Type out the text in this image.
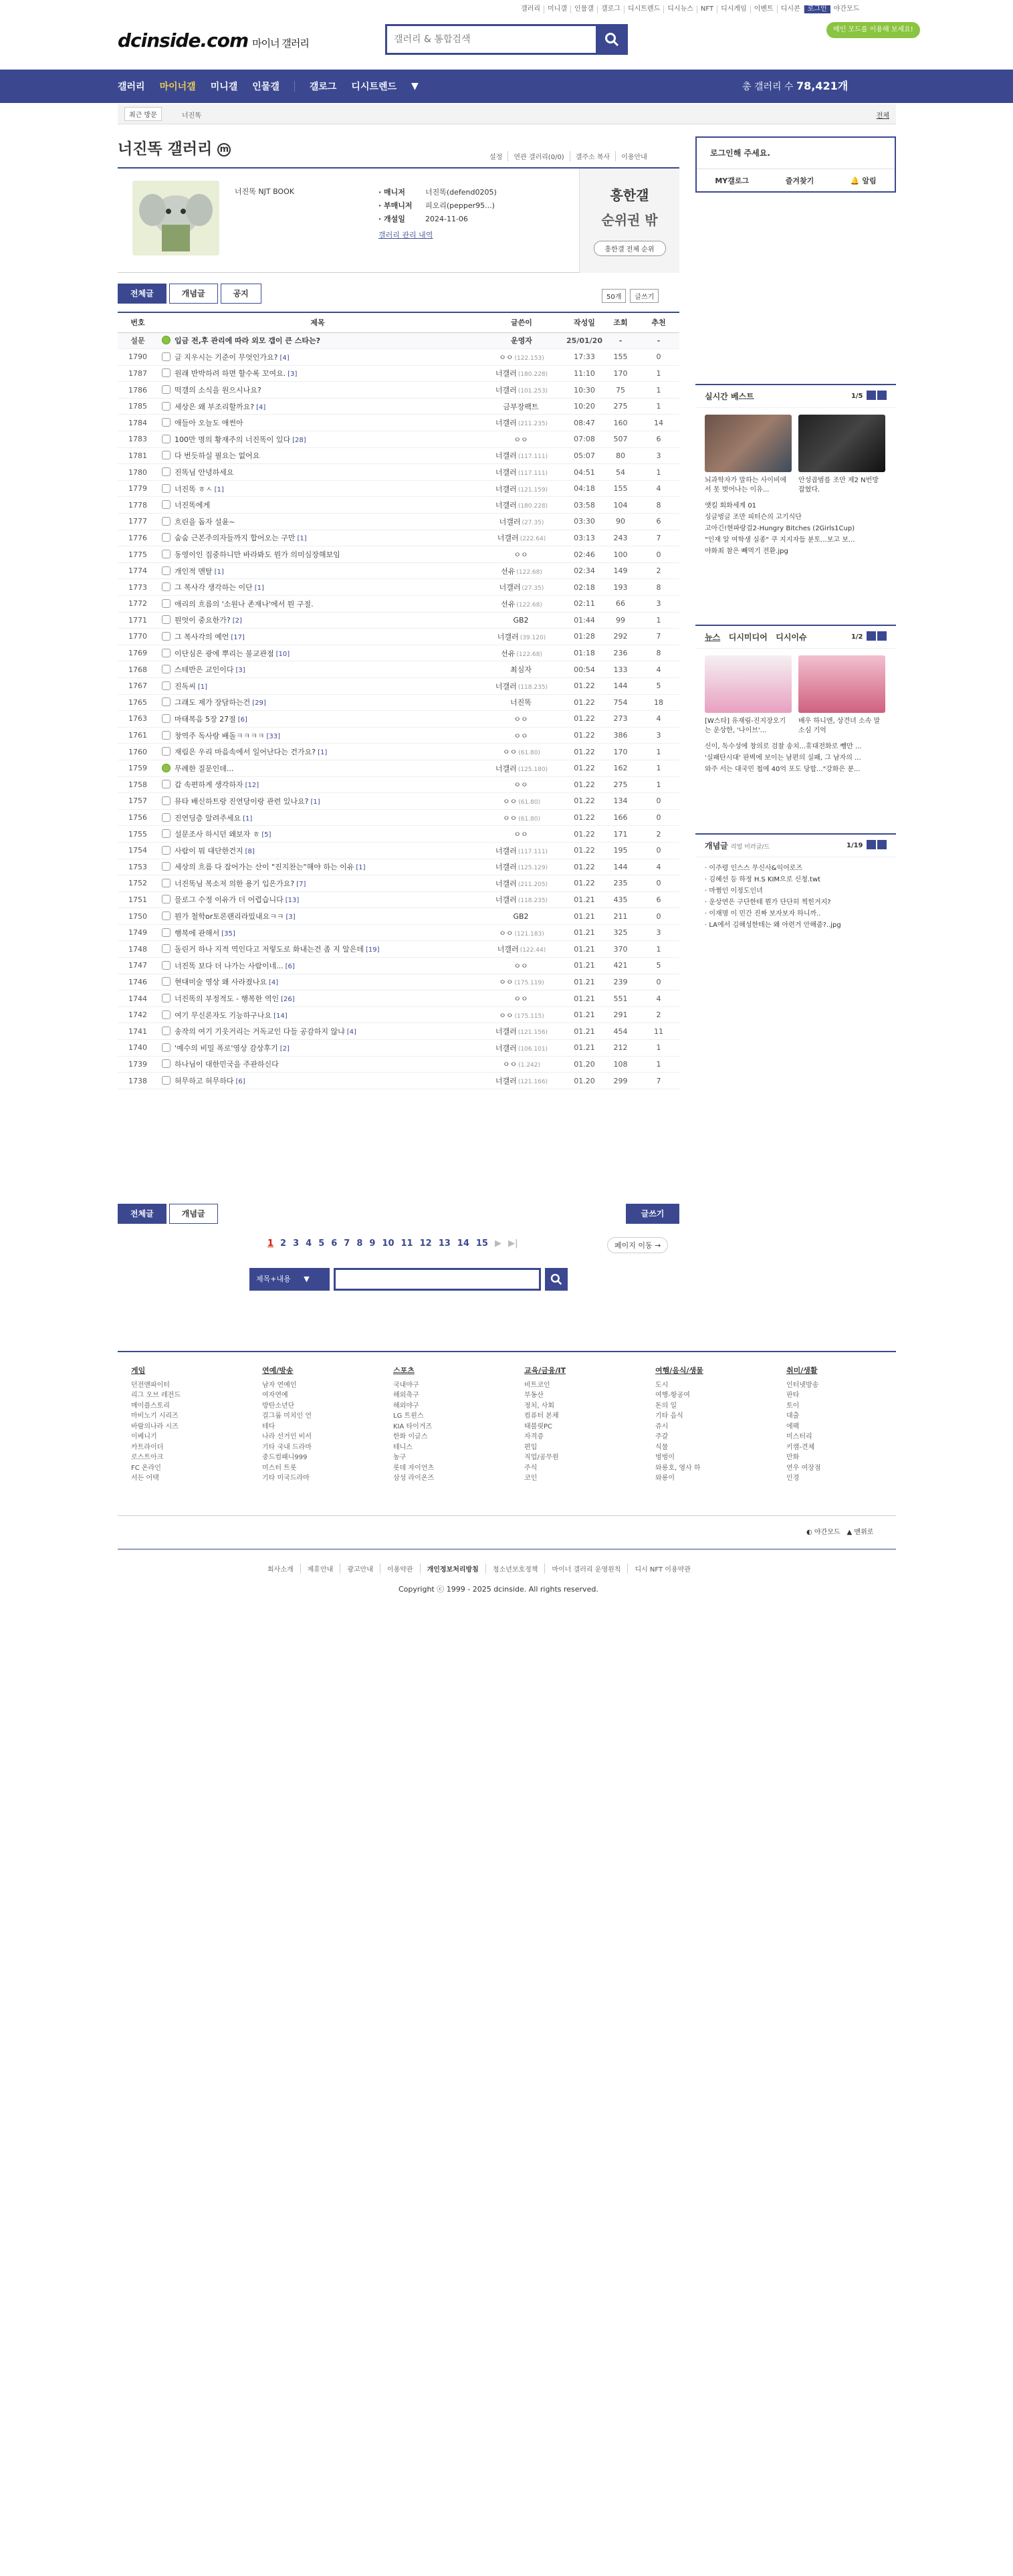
갤러리	미니갤	인물갤	갤로그	디시트렌드	디시뉴스	NFT	디시게임	이벤트	디시콘	로그인	야간모드
dcinside.com 마이너 갤러리
갤러리 & 통합검색
메인 모드를 이용해 보세요!
갤러리 마이너갤 미니갤 인물갤	갤로그 디시트렌드 ▼	총 갤러리 수 78,421개
최근 방문	너진똑	전체
너진똑 갤러리 m
설정	연관 갤러리(0/0)	갤주소 복사	이용안내
너진똑 NJT BOOK	· 매니저	너진똑(defend0205)
· 부매니저 피오리(pepper95...)
· 개설일	2024-11-06
갤러리 관리 내역
흥한갤
순위권 밖
흥한갤 전체 순위
로그인해 주세요.
MY갤로그	즐겨찾기	🔔 알림
전체글	개념글	공지	50개	글쓰기
번호	제목	글쓴이	작성일	조회	추천
설문	입금 전,후 관리에 따라 외모 갭이 큰 스타는?	운영자	25/01/20	-	-
1790	글 지우시는 기준이 무엇인가요? [4]	ㅇㅇ (122.153)	17:33	155	0
1787	원래 반박하려 하면 할수록 꼬여요. [3]	너갤러 (180.228)	11:10	170	1
1786	떡갤의 소식을 원으시나요?	너갤러 (101.253)	10:30	75	1
1785	세상은 왜 부조리할까요? [4]	금부장팩트	10:20	275	1
1784	애들아 오늘도 애썬아	너갤러 (211.235)	08:47	160	14
1783	100만 명의 황재주의 너진똑이 있다 [28]	ㅇㅇ	07:08	507	6
1781	다 번듯하실 필요는 없어요	너갤러 (117.111)	05:07	80	3
1780	진똑님 안녕하세요	너갤러 (117.111)	04:51	54	1
1779	너진똑 ㅎㅅ [1]	너갤러 (121.159)	04:18	155	4
1778	너진똑에게	너갤러 (180.228)	03:58	104	8
1777	흐린을 돕자 설윤~	너갤러 (27.35)	03:30	90	6
1776	숨숨 근본주의자들까지 합어오는 구만 [1]	너갤러 (222.64)	03:13	243	7
1775	동영이인 집중하니만 바라봐도 뭔가 의미심장해보임	ㅇㅇ	02:46	100	0
1774	개인적 멘탈 [1]	선유 (122.68)	02:34	149	2
1773	그 복사각 생각하는 이단 [1]	너갤러 (27.35)	02:18	193	8
1772	애리의 흐름의 '소원나 존재나'에서 뭔 구절.	선유 (122.68)	02:11	66	3
1771	뭔엇이 중요한가? [2]	GB2	01:44	99	1
1770	그 복사각의 예언 [17]	너갤러 (39.120)	01:28	292	7
1769	이단심은 광에 뿌리는 불교관점 [10]	선유 (122.68)	01:18	236	8
1768	스테반은 교인이다 [3]	최심자	00:54	133	4
1767	진독씨 [1]	너갤러 (118.235)	01.22	144	5
1765	그래도 제가 장담하는건 [29]	너진똑	01.22	754	18
1763	마태복음 5장 27절 [6]	ㅇㅇ	01.22	273	4
1761	창역주 독사랑 배돌ㅋㅋㅋㅋ [33]	ㅇㅇ	01.22	386	3
1760	재림은 우리 마음속에서 일어난다는 건가요? [1]	ㅇㅇ (61.80)	01.22	170	1
1759	무례한 질문인데...	너갤러 (125.180)	01.22	162	1
1758	갑 속편하게 생각하자 [12]	ㅇㅇ	01.22	275	1
1757	뮤타 배신하트랑 진연당이랑 관련 있나요? [1]	ㅇㅇ (61.80)	01.22	134	0
1756	진연딩층 알려주세요 [1]	ㅇㅇ (61.80)	01.22	166	0
1755	설문조사 하시던 왜보자 ㅎ [5]	ㅇㅇ	01.22	171	2
1754	사람이 뭐 대단한건지 [8]	너갤러 (117.111)	01.22	195	0
1753	세상의 흐름 다 잡어가는 산이 "진지찬는"해야 하는 이유 [1]	너갤러 (125.129)	01.22	144	4
1752	너진똑님 복소저 의한 용기 입은가요? [7]	너갤러 (211.205)	01.22	235	0
1751	믈로그 수정 이유가 더 어렵습니다 [13]	너갤러 (118.235)	01.21	435	6
1750	뭔가 철학or토론랜리라밌내요ㅋㅋ [3]	GB2	01.21	211	0
1749	행복에 관해서 [35]	ㅇㅇ (121.183)	01.21	325	3
1748	돌린거 하나 지적 역인다고 저렇도로 화내는건 좀 지 알은데 [19]	너갤러 (122.44)	01.21	370	1
1747	너진똑 보다 더 나가는 사람이네... [6]	ㅇㅇ	01.21	421	5
1746	현대미술 영상 왜 사라졌나요 [4]	ㅇㅇ (175.119)	01.21	239	0
1744	너진똑의 부정적도 - 행복한 역인 [26]	ㅇㅇ	01.21	551	4
1742	여기 무신론자도 기능하구나요 [14]	ㅇㅇ (175.115)	01.21	291	2
1741	송작의 여기 기웃거리는 거독교인 다들 공감하지 않냐 [4]	너갤러 (121.156)	01.21	454	11
1740	'예수의 비밀 폭로'영상 감상후기 [2]	너갤러 (106.101)	01.21	212	1
1739	하나님이 대한민국을 주관하신다	ㅇㅇ (1.242)	01.20	108	1
1738	허무하고 허무하다 [6]	너갤러 (121.166)	01.20	299	7
전체글	개념글	글쓰기
1 2 3 4 5 6 7 8 9 10 11 12 13 14 15 ▶ ▶|	페이지 이동 →
제목+내용 ▼
실시간 베스트	1/5
뇌과학자가 말하는 사이비에서 못 벗어나는 이유...
안성곱범를 조만 제2 N번방 잡혔다.
앳킬 회화세계 01
싱글벙글 조만 피터슨의 고기식단
고아긴!현파랑걸2-Hungry Bitches (2Girls1Cup)
"인재 알 여학생 실종" 쿠 지지자들 분토...보고 보...
야화최 참은 빼먹기 전환.jpg
뉴스 디시미디어 디시이슈	1/2
[W스타] 유재림-진지장오기는 운상한, '나이브'...
배우 하니엔, 상견녀 소속 말소심 기억
신이, 독수성에 창의로 검찰 송치...휴대전화로 뺑만 ...
'실패탄시대' 판벽에 보이는 남편의 실패, 그 남자의 ...
와주 서는 대국민 첩에 40억 포도 당합..."강화은 분...
개념글 리얼 미러글/드	1/19
· 이주령 인스스 무신사&익어로즈
· 김혜선 등 하정 H.S KIM으로 신청.twt
· 마쩜인 이정도인녀
· 운상연은 구단한테 뭔가 단단히 찍힌거지?
· 이재명 이 민간 진짜 보자보자 하니까..
· LA에서 김해성한테는 왜 아련거 안해줌?..jpg
게임
던전앤파이터
리그 오브 레전드
메이플스토리
마비노기 시리즈
바람의나라 시즈
이베니기
카트라이더
로스트아크
FC 온라인
서든 어택
연예/방송
남자 연예인
여자연예
방탄소년단
걸그룹 미치인 언
테다
나라 선거인 비서
기타 국내 드라마
중드컴패니999
미스터 트롯
기타 미국드라마
스포츠
국내야구
해외축구
해외야구
LG 트윈스
KIA 타이거즈
한화 이글스
테니스
농구
롯데 자이언츠
삼성 라이온즈
교육/금융/IT
비트코인
부동산
정치, 사회
컴퓨터 본체
태블릿PC
자격증
편입
직업/공무원
주식
코인
여행/음식/생물
도시
여행-항공여
돈의 일
기타 음식
쥬시
주갈
식물
벙벙이
와룡호, 영사 하
와룡이
취미/생활
인터넷방송
판타
토이
대출
에팩
미스터리
키캠-견체
만화
연우 여장점
인경
◐ 야간모드 ▲ 맨위로
회사소개	제휴안내	광고안내	이용약관	개인정보처리방침	청소년보호정책	마이너 갤러리 운영원칙	디시 NFT 이용약관
Copyright ⓒ 1999 - 2025 dcinside. All rights reserved.
